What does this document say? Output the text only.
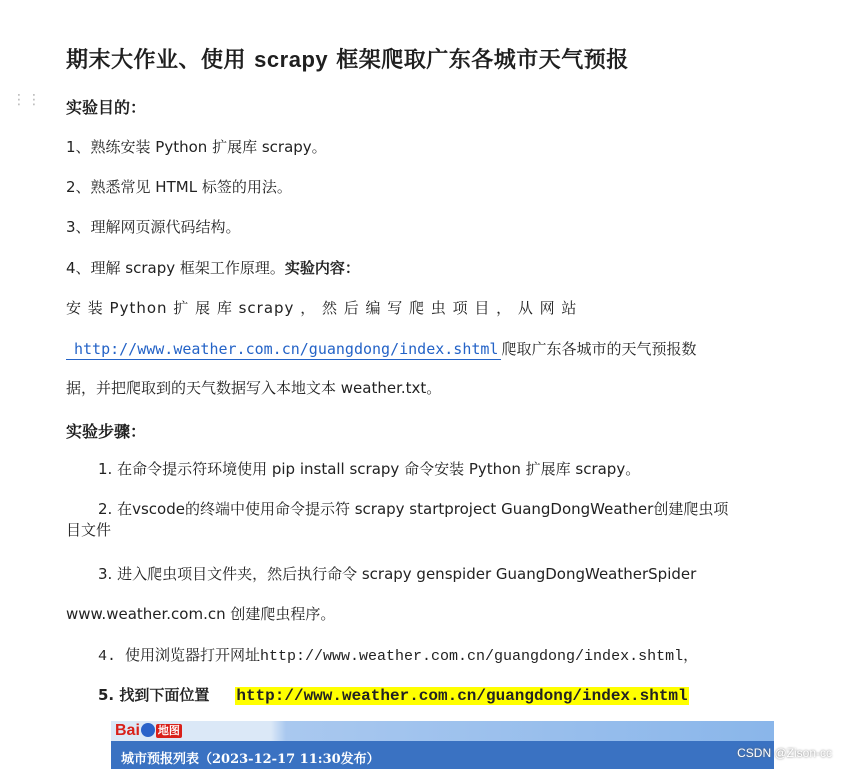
期末大作业、使用 scrapy 框架爬取广东各城市天气预报
⋮⋮ 实验目的：
1、熟练安装 Python 扩展库 scrapy。
2、熟悉常见 HTML 标签的用法。
3、理解网页源代码结构。
4、理解 scrapy 框架工作原理。实验内容：
安 装 Python 扩 展 库 scrapy ， 然 后 编 写 爬 虫 项 目 ， 从 网 站
http://www.weather.com.cn/guangdong/index.shtml 爬取广东各城市的天气预报数
据，并把爬取到的天气数据写入本地文本 weather.txt。
实验步骤：
1. 在命令提示符环境使用 pip install scrapy 命令安装 Python 扩展库 scrapy。
2. 在vscode的终端中使用命令提示符 scrapy startproject GuangDongWeather创建爬虫项
目文件
3. 进入爬虫项目文件夹，然后执行命令 scrapy genspider GuangDongWeatherSpider
www.weather.com.cn 创建爬虫程序。
4. 使用浏览器打开网址http://www.weather.com.cn/guangdong/index.shtml，
5. 找到下面位置 http://www.weather.com.cn/guangdong/index.shtml
Bai 地图
城市预报列表（2023-12-17 11:30发布）	CSDN @Zison-cc
